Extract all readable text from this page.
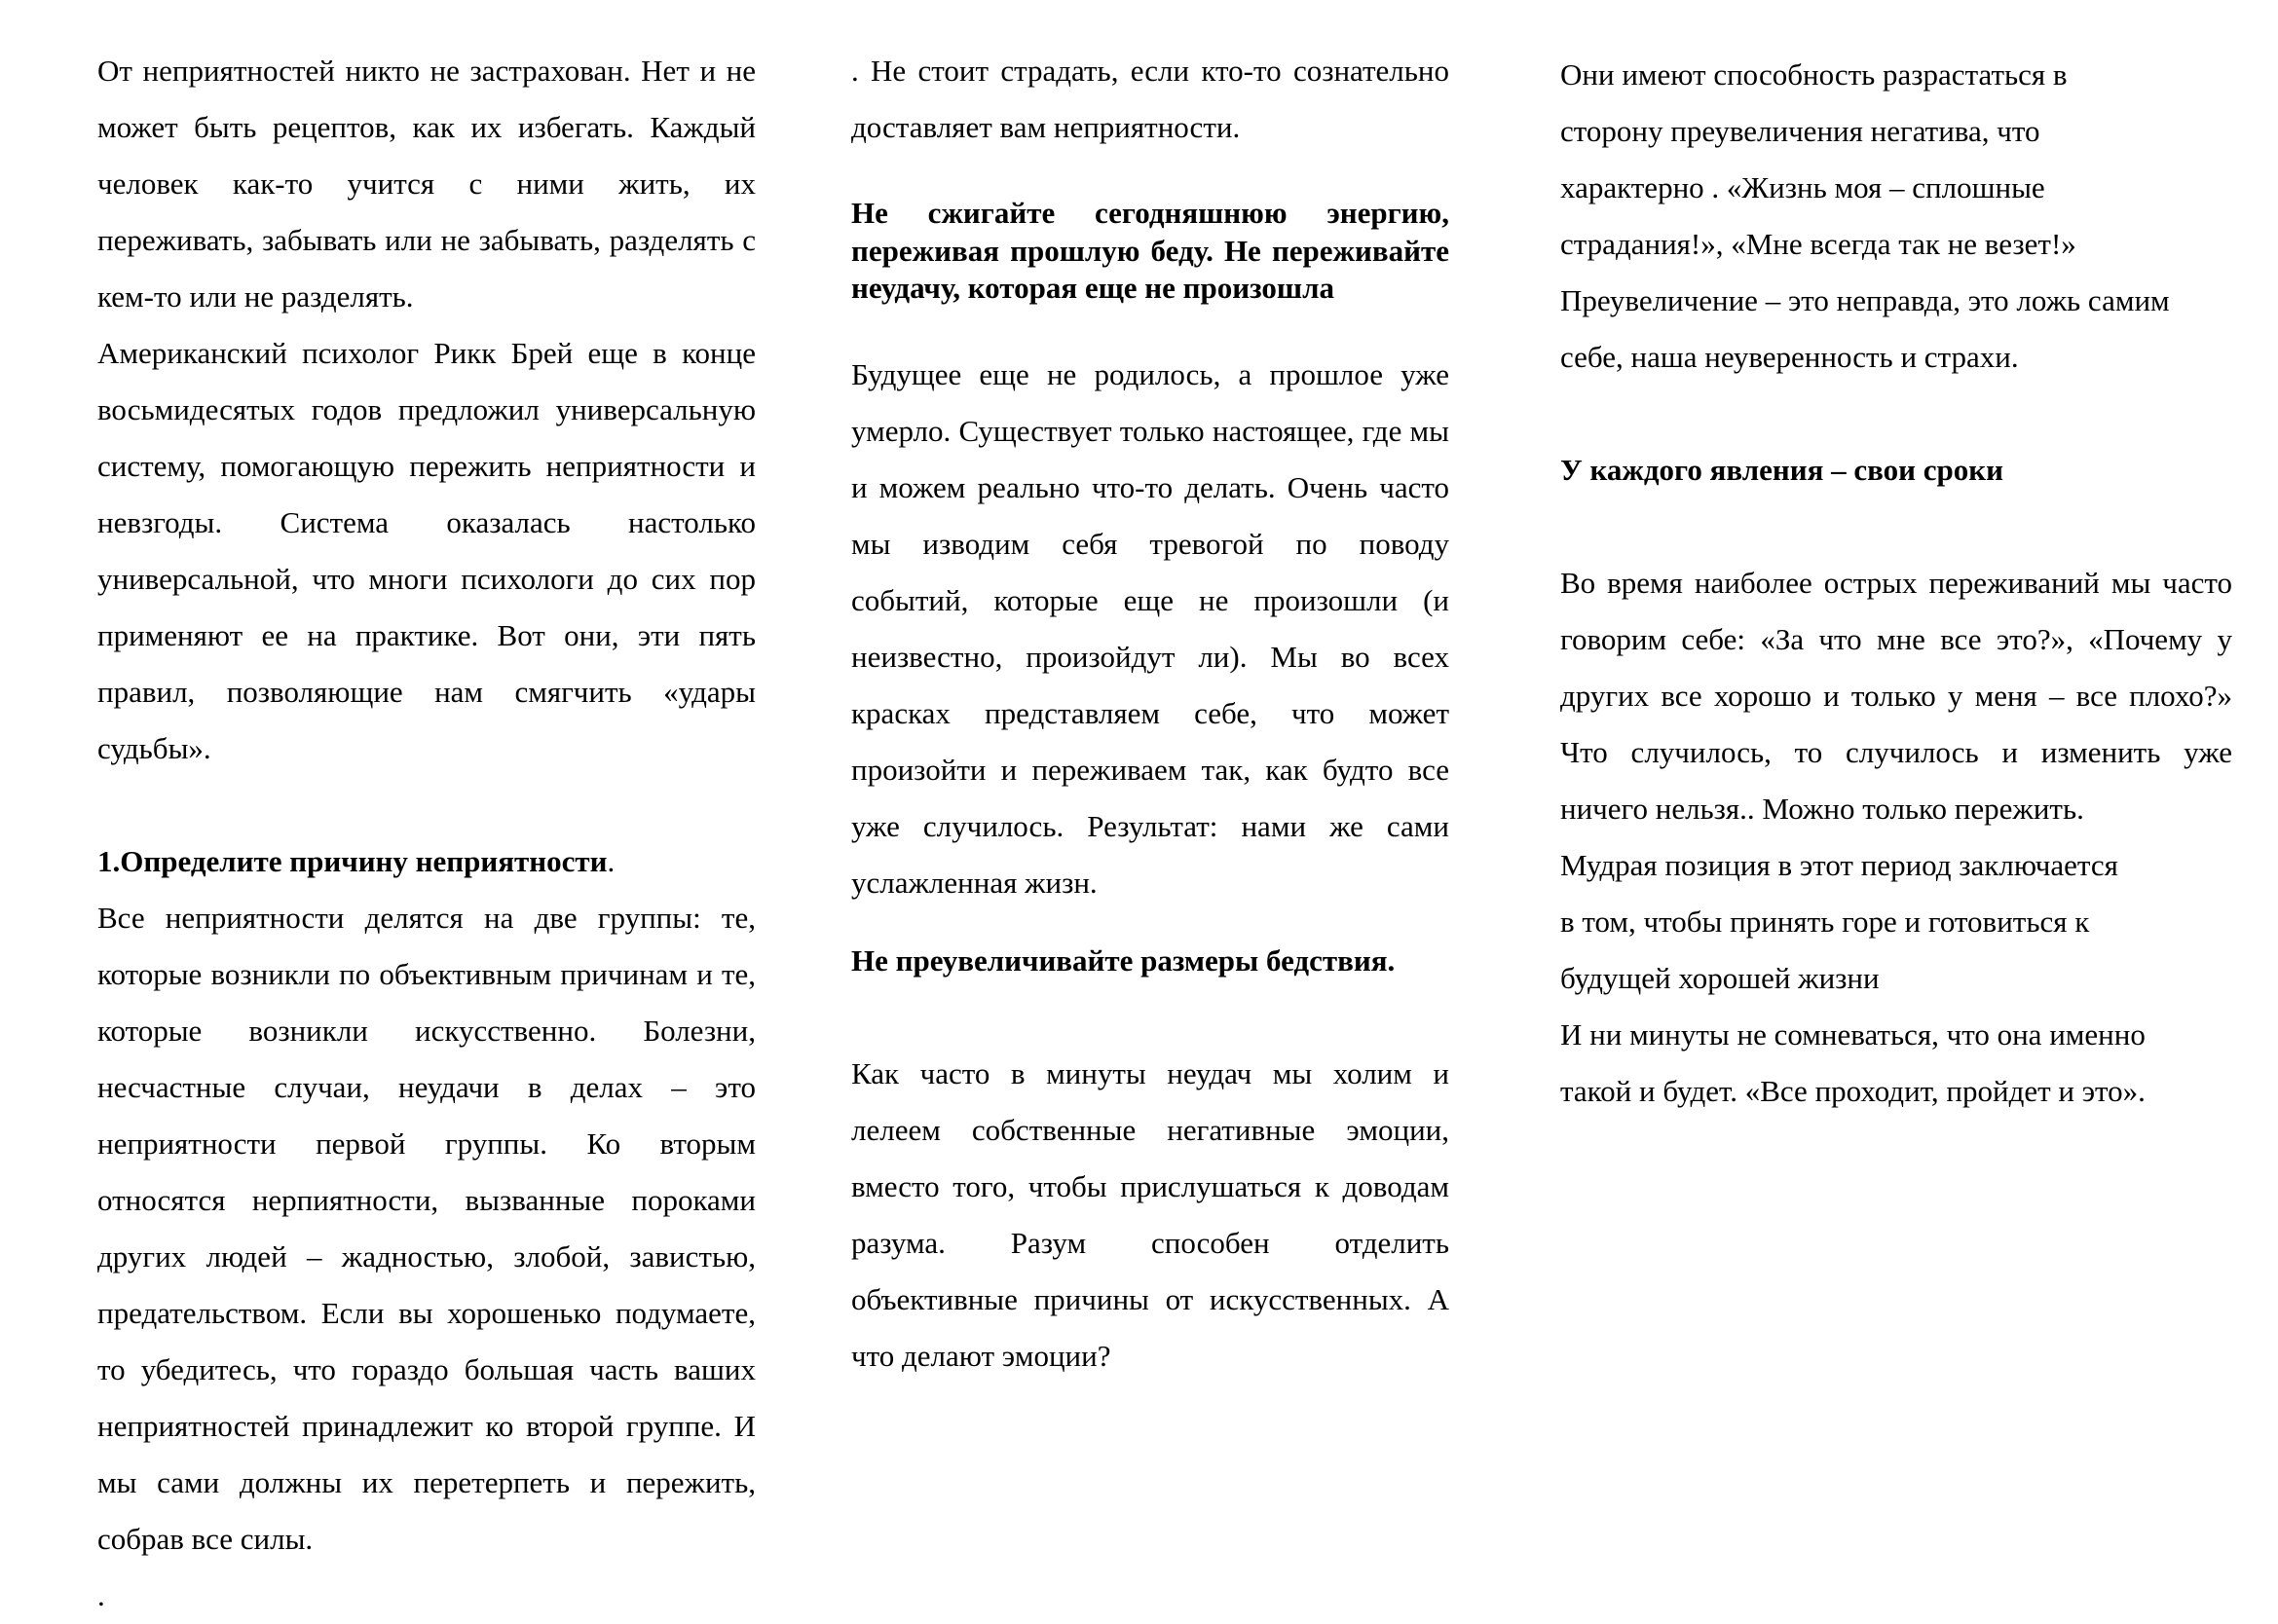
От неприятностей никто не застрахован. Нет и не может быть рецептов, как их избегать. Каждый человек как-то учится с ними жить, их переживать, забывать или не забывать, разделять с кем-то или не разделять.

Американский психолог Рикк Брей еще в конце восьмидесятых годов предложил универсальную систему, помогающую пережить неприятности и невзгоды. Система оказалась настолько универсальной, что многи психологи до сих пор применяют ее на практике. Вот они, эти пять правил, позволяющие нам смягчить «удары судьбы».

1.Определите причину неприятности.

Все неприятности делятся на две группы: те, которые возникли по объективным причинам и те, которые возникли искусственно. Болезни, несчастные случаи, неудачи в делах – это неприятности первой группы. Ко вторым относятся нерпиятности, вызванные пороками других людей – жадностью, злобой, завистью, предательством. Если вы хорошенько подумаете, то убедитесь, что гораздо большая часть ваших неприятностей принадлежит ко второй группе. И мы сами должны их перетерпеть и пережить, собрав все силы.

.

. Не стоит страдать, если кто-то сознательно доставляет вам неприятности.

Не сжигайте сегодняшнюю энергию, переживая прошлую беду. Не переживайте неудачу, которая еще не произошла

Будущее еще не родилось, а прошлое уже умерло. Существует только настоящее, где мы и можем реально что-то делать. Очень часто мы изводим себя тревогой по поводу событий, которые еще не произошли (и неизвестно, произойдут ли). Мы во всех красках представляем себе, что может произойти и переживаем так, как будто все уже случилось. Результат: нами же сами услажленная жизн.

Не преувеличивайте размеры бедствия.

Как часто в минуты неудач мы холим и лелеем собственные негативные эмоции, вместо того, чтобы прислушаться к доводам разума. Разум способен отделить объективные причины от искусственных. А что делают эмоции?

Они имеют способность разрастаться в
сторону преувеличения негатива, что
характерно . «Жизнь моя – сплошные
страдания!», «Мне всегда так не везет!»
Преувеличение – это неправда, это ложь самим
себе, наша неуверенность и страхи.

У каждого явления – свои сроки

Во время наиболее острых переживаний мы часто говорим себе: «За что мне все это?», «Почему у других все хорошо и только у меня – все плохо?» Что случилось, то случилось и изменить уже ничего нельзя.. Можно только пережить.

Мудрая позиция в этот период заключается
в том, чтобы принять горе и готовиться к
будущей хорошей жизни
И ни минуты не сомневаться, что она именно
такой и будет. «Все проходит, пройдет и это».
